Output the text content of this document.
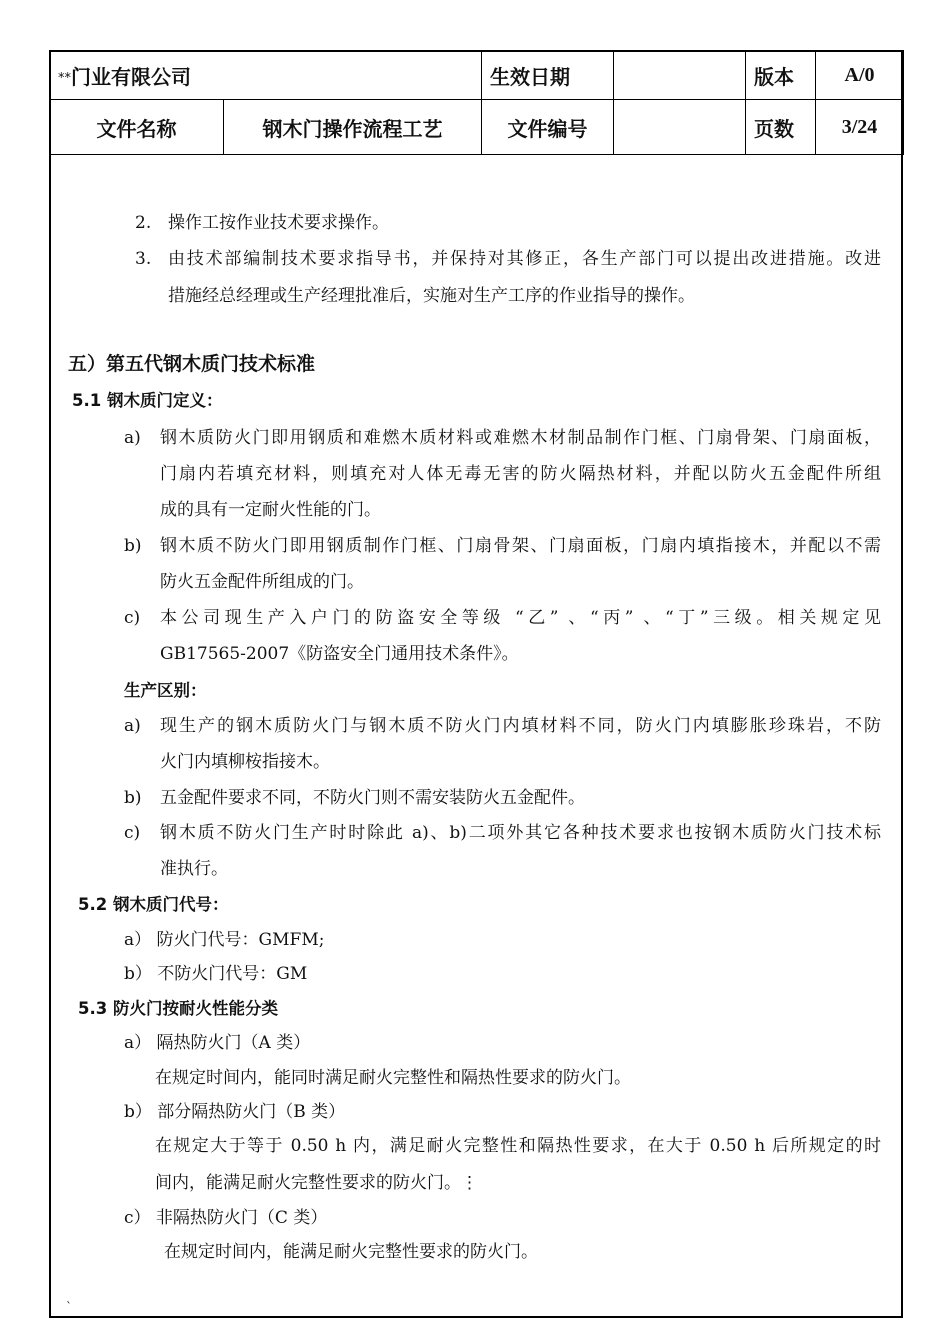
**门业有限公司		生效日期		版本	A/0
文件名称	钢木门操作流程工艺	文件编号		页数	3/24
2. 操作工按作业技术要求操作。
3. 由技术部编制技术要求指导书，并保持对其修正，各生产部门可以提出改进措施。改进
措施经总经理或生产经理批准后，实施对生产工序的作业指导的操作。
五）第五代钢木质门技术标准
5.1 钢木质门定义：
a) 钢木质防火门即用钢质和难燃木质材料或难燃木材制品制作门框、门扇骨架、门扇面板，
门扇内若填充材料，则填充对人体无毒无害的防火隔热材料，并配以防火五金配件所组
成的具有一定耐火性能的门。
b) 钢木质不防火门即用钢质制作门框、门扇骨架、门扇面板，门扇内填指接木，并配以不需
防火五金配件所组成的门。
c) 本公司现生产入户门的防盗安全等级 “乙” 、“丙” 、“丁”三级。相关规定见
GB17565-2007《防盗安全门通用技术条件》。
生产区别：
a) 现生产的钢木质防火门与钢木质不防火门内填材料不同，防火门内填膨胀珍珠岩，不防
火门内填柳桉指接木。
b) 五金配件要求不同，不防火门则不需安装防火五金配件。
c) 钢木质不防火门生产时时除此 a)、b)二项外其它各种技术要求也按钢木质防火门技术标
准执行。
5.2 钢木质门代号：
a） 防火门代号：GMFM;
b） 不防火门代号：GM
5.3 防火门按耐火性能分类
a） 隔热防火门（A 类）
在规定时间内，能同时满足耐火完整性和隔热性要求的防火门。
b） 部分隔热防火门（B 类）
在规定大于等于 0.50 h 内，满足耐火完整性和隔热性要求，在大于 0.50 h 后所规定的时
间内，能满足耐火完整性要求的防火门。⋮
c） 非隔热防火门（C 类）
在规定时间内，能满足耐火完整性要求的防火门。
`
